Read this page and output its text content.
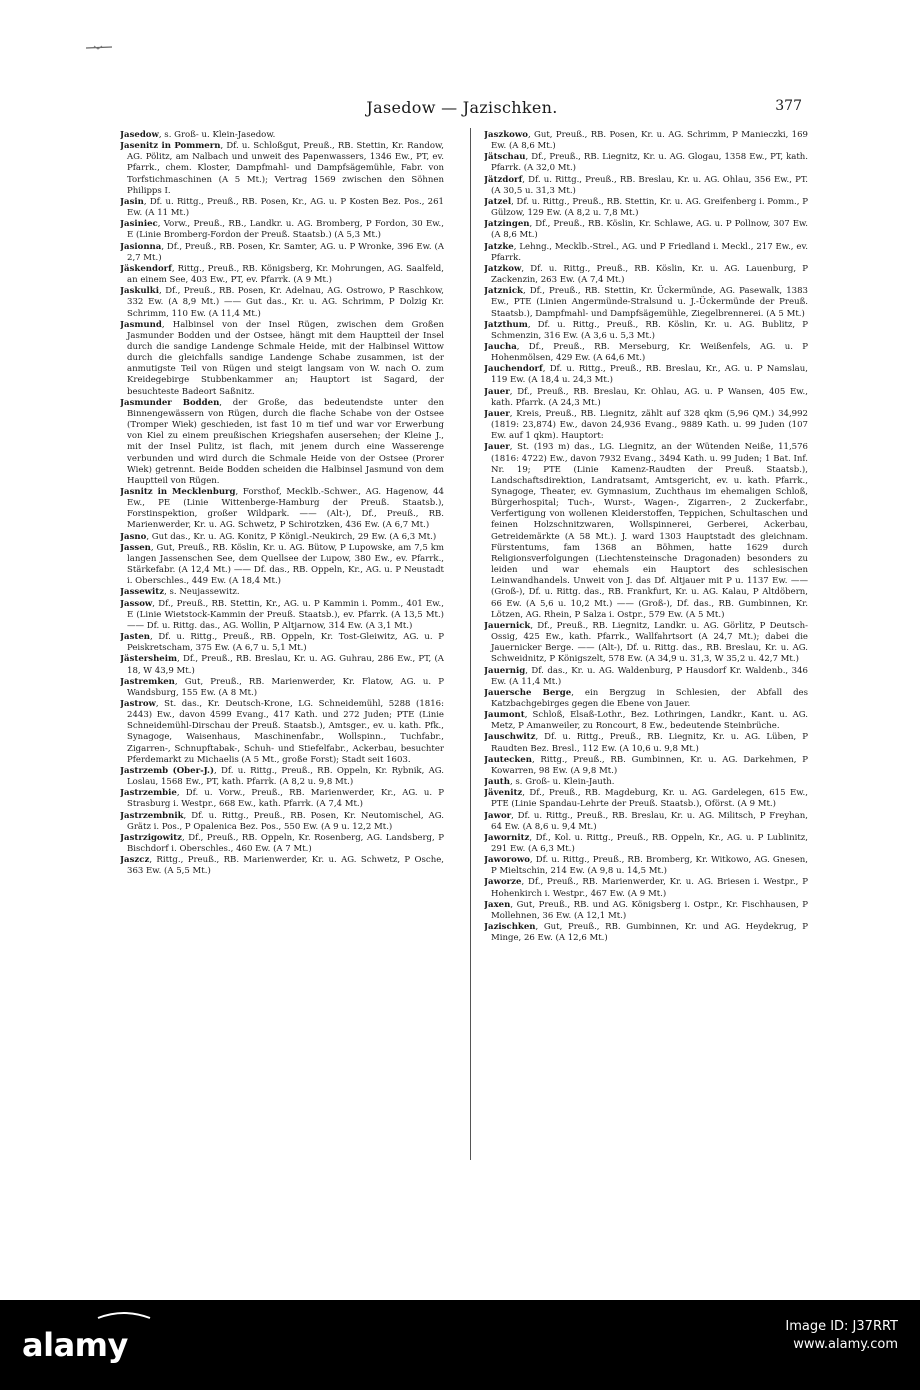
Jasedow — Jazischken.	377

Jasedow, s. Groß- u. Klein-Jasedow.

Jasenitz in Pommern, Df. u. Schloßgut, Preuß., RB. Stettin, Kr. Randow, AG. Pölitz, am Nalbach und unweit des Papenwassers, 1346 Ew., PT, ev. Pfarrk., chem. Kloster, Dampfmahl- und Dampfsägemühle, Fabr. von Torfstichmaschinen (A 5 Mt.); Vertrag 1569 zwischen den Söhnen Philipps I.

Jasin, Df. u. Rittg., Preuß., RB. Posen, Kr., AG. u. P Kosten Bez. Pos., 261 Ew. (A 11 Mt.)

Jasiniec, Vorw., Preuß., RB., Landkr. u. AG. Bromberg, P Fordon, 30 Ew., E (Linie Bromberg-Fordon der Preuß. Staatsb.) (A 5,3 Mt.)

Jasionna, Df., Preuß., RB. Posen, Kr. Samter, AG. u. P Wronke, 396 Ew. (A 2,7 Mt.)

Jäskendorf, Rittg., Preuß., RB. Königsberg, Kr. Mohrungen, AG. Saalfeld, an einem See, 403 Ew., PT, ev. Pfarrk. (A 9 Mt.)

Jaskulki, Df., Preuß., RB. Posen, Kr. Adelnau, AG. Ostrowo, P Raschkow, 332 Ew. (A 8,9 Mt.) —— Gut das., Kr. u. AG. Schrimm, P Dolzig Kr. Schrimm, 110 Ew. (A 11,4 Mt.)

Jasmund, Halbinsel von der Insel Rügen, zwischen dem Großen Jasmunder Bodden und der Ostsee, hängt mit dem Hauptteil der Insel durch die sandige Landenge Schmale Heide, mit der Halbinsel Wittow durch die gleichfalls sandige Landenge Schabe zusammen, ist der anmutigste Teil von Rügen und steigt langsam von W. nach O. zum Kreidegebirge Stubbenkammer an; Hauptort ist Sagard, der besuchteste Badeort Saßnitz.

Jasmunder Bodden, der Große, das bedeutendste unter den Binnengewässern von Rügen, durch die flache Schabe von der Ostsee (Tromper Wiek) geschieden, ist fast 10 m tief und war vor Erwerbung von Kiel zu einem preußischen Kriegshafen ausersehen; der Kleine J., mit der Insel Pulitz, ist flach, mit jenem durch eine Wasserenge verbunden und wird durch die Schmale Heide von der Ostsee (Prorer Wiek) getrennt. Beide Bodden scheiden die Halbinsel Jasmund von dem Hauptteil von Rügen.

Jasnitz in Mecklenburg, Forsthof, Mecklb.-Schwer., AG. Hagenow, 44 Ew., PE (Linie Wittenberge-Hamburg der Preuß. Staatsb.), Forstinspektion, großer Wildpark. —— (Alt-), Df., Preuß., RB. Marienwerder, Kr. u. AG. Schwetz, P Schirotzken, 436 Ew. (A 6,7 Mt.)

Jasno, Gut das., Kr. u. AG. Konitz, P Königl.-Neukirch, 29 Ew. (A 6,3 Mt.)

Jassen, Gut, Preuß., RB. Köslin, Kr. u. AG. Bütow, P Lupowske, am 7,5 km langen Jassenschen See, dem Quellsee der Lupow, 380 Ew., ev. Pfarrk., Stärkefabr. (A 12,4 Mt.) —— Df. das., RB. Oppeln, Kr., AG. u. P Neustadt i. Oberschles., 449 Ew. (A 18,4 Mt.)

Jassewitz, s. Neujassewitz.

Jassow, Df., Preuß., RB. Stettin, Kr., AG. u. P Kammin i. Pomm., 401 Ew., E (Linie Wietstock-Kammin der Preuß. Staatsb.), ev. Pfarrk. (A 13,5 Mt.) —— Df. u. Rittg. das., AG. Wollin, P Altjarnow, 314 Ew. (A 3,1 Mt.)

Jasten, Df. u. Rittg., Preuß., RB. Oppeln, Kr. Tost-Gleiwitz, AG. u. P Peiskretscham, 375 Ew. (A 6,7 u. 5,1 Mt.)

Jästersheim, Df., Preuß., RB. Breslau, Kr. u. AG. Guhrau, 286 Ew., PT, (A 18, W 43,9 Mt.)

Jastremken, Gut, Preuß., RB. Marienwerder, Kr. Flatow, AG. u. P Wandsburg, 155 Ew. (A 8 Mt.)

Jastrow, St. das., Kr. Deutsch-Krone, LG. Schneidemühl, 5288 (1816: 2443) Ew., davon 4599 Evang., 417 Kath. und 272 Juden; PTE (Linie Schneidemühl-Dirschau der Preuß. Staatsb.), Amtsger., ev. u. kath. Pfk., Synagoge, Waisenhaus, Maschinenfabr., Wollspinn., Tuchfabr., Zigarren-, Schnupftabak-, Schuh- und Stiefelfabr., Ackerbau, besuchter Pferdemarkt zu Michaelis (A 5 Mt., große Forst); Stadt seit 1603.

Jastrzemb (Ober-J.), Df. u. Rittg., Preuß., RB. Oppeln, Kr. Rybnik, AG. Loslau, 1568 Ew., PT, kath. Pfarrk. (A 8,2 u. 9,8 Mt.)

Jastrzembie, Df. u. Vorw., Preuß., RB. Marienwerder, Kr., AG. u. P Strasburg i. Westpr., 668 Ew., kath. Pfarrk. (A 7,4 Mt.)

Jastrzembnik, Df. u. Rittg., Preuß., RB. Posen, Kr. Neutomischel, AG. Grätz i. Pos., P Opalenica Bez. Pos., 550 Ew. (A 9 u. 12,2 Mt.)

Jastrzigowitz, Df., Preuß., RB. Oppeln, Kr. Rosenberg, AG. Landsberg, P Bischdorf i. Oberschles., 460 Ew. (A 7 Mt.)

Jaszcz, Rittg., Preuß., RB. Marienwerder, Kr. u. AG. Schwetz, P Osche, 363 Ew. (A 5,5 Mt.)

Jaszkowo, Gut, Preuß., RB. Posen, Kr. u. AG. Schrimm, P Manieczki, 169 Ew. (A 8,6 Mt.)

Jätschau, Df., Preuß., RB. Liegnitz, Kr. u. AG. Glogau, 1358 Ew., PT, kath. Pfarrk. (A 32,0 Mt.)

Jätzdorf, Df. u. Rittg., Preuß., RB. Breslau, Kr. u. AG. Ohlau, 356 Ew., PT. (A 30,5 u. 31,3 Mt.)

Jatzel, Df. u. Rittg., Preuß., RB. Stettin, Kr. u. AG. Greifenberg i. Pomm., P Gülzow, 129 Ew. (A 8,2 u. 7,8 Mt.)

Jatzingen, Df., Preuß., RB. Köslin, Kr. Schlawe, AG. u. P Pollnow, 307 Ew. (A 8,6 Mt.)

Jatzke, Lehng., Mecklb.-Strel., AG. und P Friedland i. Meckl., 217 Ew., ev. Pfarrk.

Jatzkow, Df. u. Rittg., Preuß., RB. Köslin, Kr. u. AG. Lauenburg, P Zackenzin, 263 Ew. (A 7,4 Mt.)

Jatznick, Df., Preuß., RB. Stettin, Kr. Ückermünde, AG. Pasewalk, 1383 Ew., PTE (Linien Angermünde-Stralsund u. J.-Ückermünde der Preuß. Staatsb.), Dampfmahl- und Dampfsägemühle, Ziegelbrennerei. (A 5 Mt.)

Jatzthum, Df. u. Rittg., Preuß., RB. Köslin, Kr. u. AG. Bublitz, P Schmenzin, 316 Ew. (A 3,6 u. 5,3 Mt.)

Jaucha, Df., Preuß., RB. Merseburg, Kr. Weißenfels, AG. u. P Hohenmölsen, 429 Ew. (A 64,6 Mt.)

Jauchendorf, Df. u. Rittg., Preuß., RB. Breslau, Kr., AG. u. P Namslau, 119 Ew. (A 18,4 u. 24,3 Mt.)

Jauer, Df., Preuß., RB. Breslau, Kr. Ohlau, AG. u. P Wansen, 405 Ew., kath. Pfarrk. (A 24,3 Mt.)

Jauer, Kreis, Preuß., RB. Liegnitz, zählt auf 328 qkm (5,96 QM.) 34,992 (1819: 23,874) Ew., davon 24,936 Evang., 9889 Kath. u. 99 Juden (107 Ew. auf 1 qkm). Hauptort:

Jauer, St. (193 m) das., LG. Liegnitz, an der Wütenden Neiße, 11,576 (1816: 4722) Ew., davon 7932 Evang., 3494 Kath. u. 99 Juden; 1 Bat. Inf. Nr. 19; PTE (Linie Kamenz-Raudten der Preuß. Staatsb.), Landschaftsdirektion, Landratsamt, Amtsgericht, ev. u. kath. Pfarrk., Synagoge, Theater, ev. Gymnasium, Zuchthaus im ehemaligen Schloß, Bürgerhospital; Tuch-, Wurst-, Wagen-, Zigarren-, 2 Zuckerfabr., Verfertigung von wollenen Kleiderstoffen, Teppichen, Schultaschen und feinen Holzschnitzwaren, Wollspinnerei, Gerberei, Ackerbau, Getreidemärkte (A 58 Mt.). J. ward 1303 Hauptstadt des gleichnam. Fürstentums, fam 1368 an Böhmen, hatte 1629 durch Religionsverfolgungen (Liechtensteinsche Dragonaden) besonders zu leiden und war ehemals ein Hauptort des schlesischen Leinwandhandels. Unweit von J. das Df. Altjauer mit P u. 1137 Ew. —— (Groß-), Df. u. Rittg. das., RB. Frankfurt, Kr. u. AG. Kalau, P Altdöbern, 66 Ew. (A 5,6 u. 10,2 Mt.) —— (Groß-), Df. das., RB. Gumbinnen, Kr. Lötzen, AG. Rhein, P Salza i. Ostpr., 579 Ew. (A 5 Mt.)

Jauernick, Df., Preuß., RB. Liegnitz, Landkr. u. AG. Görlitz, P Deutsch-Ossig, 425 Ew., kath. Pfarrk., Wallfahrtsort (A 24,7 Mt.); dabei die Jauernicker Berge. —— (Alt-), Df. u. Rittg. das., RB. Breslau, Kr. u. AG. Schweidnitz, P Königszelt, 578 Ew. (A 34,9 u. 31,3, W 35,2 u. 42,7 Mt.)

Jauernig, Df. das., Kr. u. AG. Waldenburg, P Hausdorf Kr. Waldenb., 346 Ew. (A 11,4 Mt.)

Jauersche Berge, ein Bergzug in Schlesien, der Abfall des Katzbachgebirges gegen die Ebene von Jauer.

Jaumont, Schloß, Elsaß-Lothr., Bez. Lothringen, Landkr., Kant. u. AG. Metz, P Amanweiler, zu Roncourt, 8 Ew., bedeutende Steinbrüche.

Jauschwitz, Df. u. Rittg., Preuß., RB. Liegnitz, Kr. u. AG. Lüben, P Raudten Bez. Bresl., 112 Ew. (A 10,6 u. 9,8 Mt.)

Jautecken, Rittg., Preuß., RB. Gumbinnen, Kr. u. AG. Darkehmen, P Kowarren, 98 Ew. (A 9,8 Mt.)

Jauth, s. Groß- u. Klein-Jauth.

Jävenitz, Df., Preuß., RB. Magdeburg, Kr. u. AG. Gardelegen, 615 Ew., PTE (Linie Spandau-Lehrte der Preuß. Staatsb.), Oförst. (A 9 Mt.)

Jawor, Df. u. Rittg., Preuß., RB. Breslau, Kr. u. AG. Militsch, P Freyhan, 64 Ew. (A 8,6 u. 9,4 Mt.)

Jawornitz, Df., Kol. u. Rittg., Preuß., RB. Oppeln, Kr., AG. u. P Lublinitz, 291 Ew. (A 6,3 Mt.)

Jaworowo, Df. u. Rittg., Preuß., RB. Bromberg, Kr. Witkowo, AG. Gnesen, P Mieltschin, 214 Ew. (A 9,8 u. 14,5 Mt.)

Jaworze, Df., Preuß., RB. Marienwerder, Kr. u. AG. Briesen i. Westpr., P Hohenkirch i. Westpr., 467 Ew. (A 9 Mt.)

Jaxen, Gut, Preuß., RB. und AG. Königsberg i. Ostpr., Kr. Fischhausen, P Mollehnen, 36 Ew. (A 12,1 Mt.)

Jazischken, Gut, Preuß., RB. Gumbinnen, Kr. und AG. Heydekrug, P Minge, 26 Ew. (A 12,6 Mt.)

alamy	Image ID: J37RRT
www.alamy.com
